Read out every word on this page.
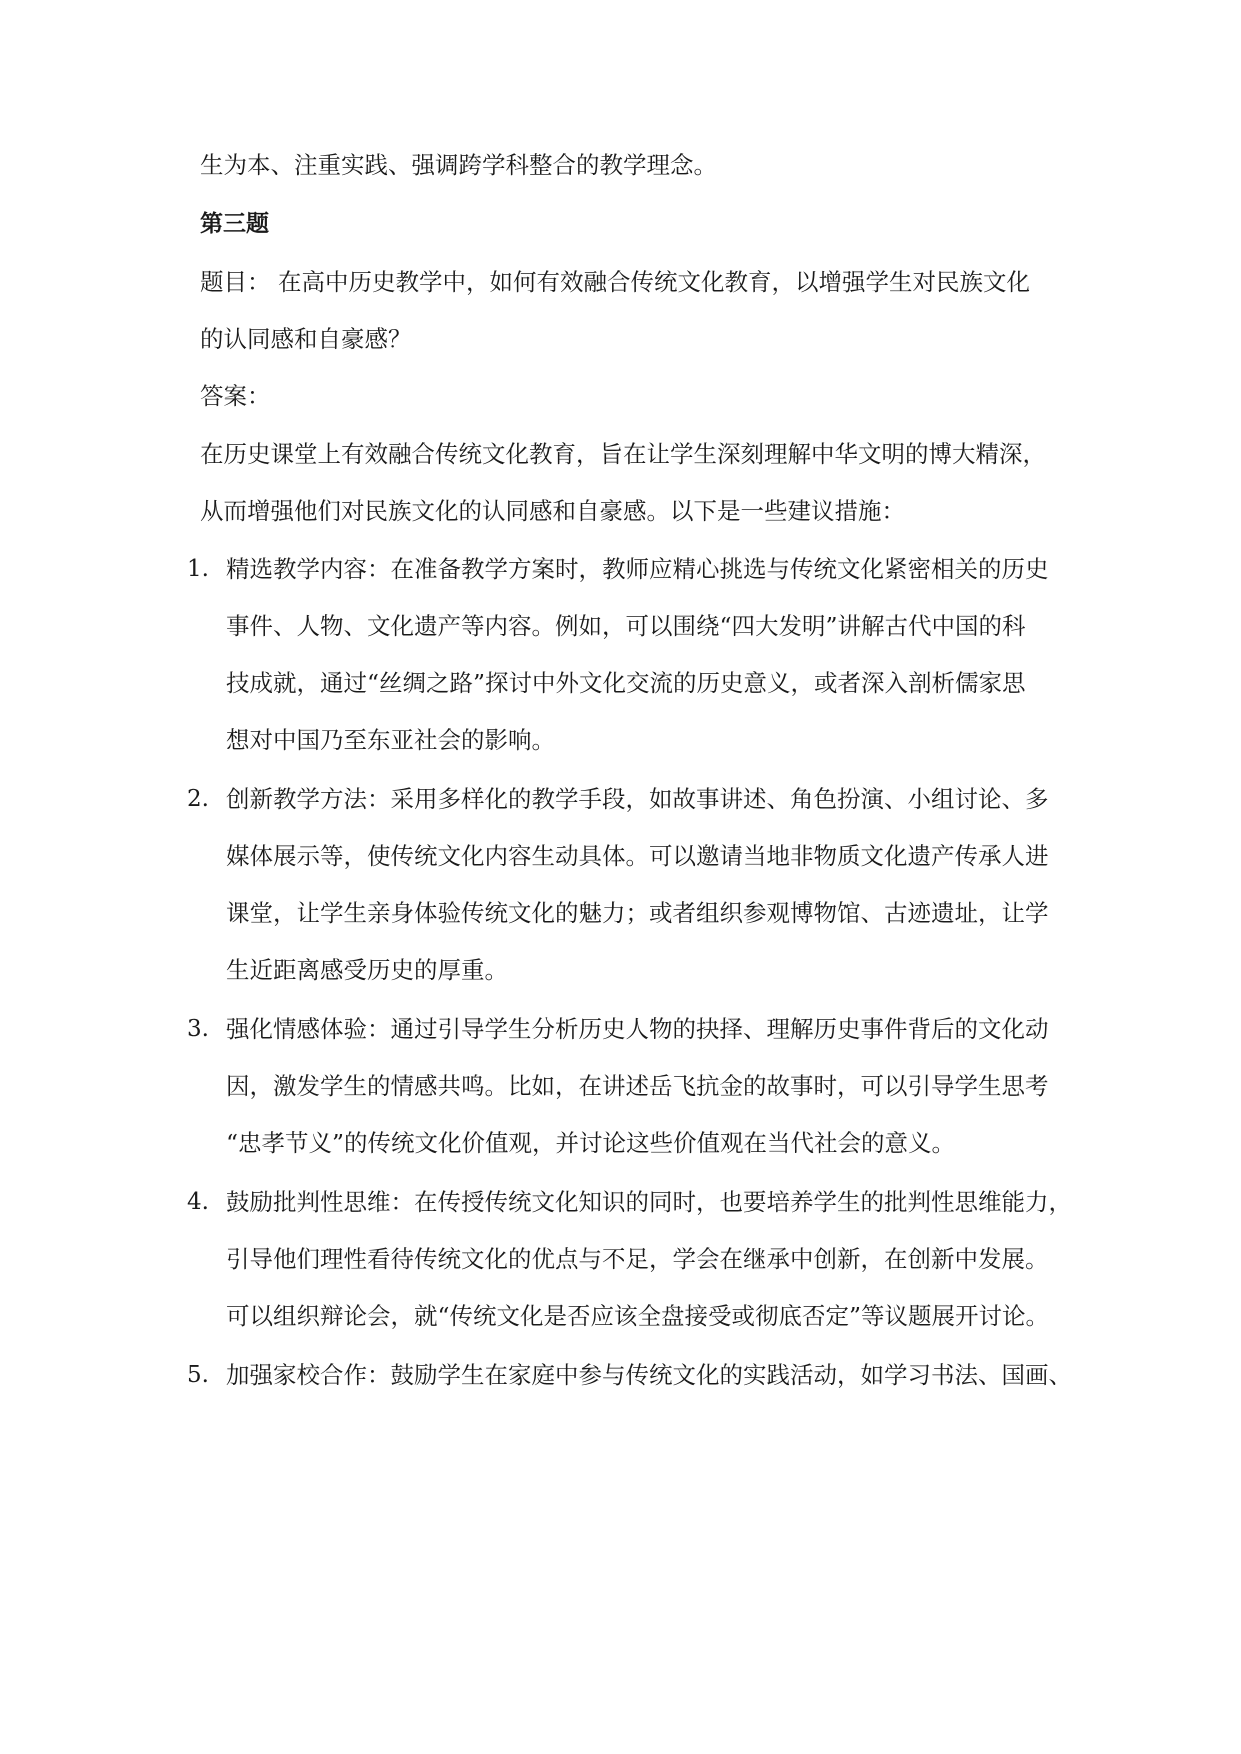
生为本、注重实践、强调跨学科整合的教学理念。
第三题
题目： 在高中历史教学中，如何有效融合传统文化教育，以增强学生对民族文化
的认同感和自豪感？
答案：
在历史课堂上有效融合传统文化教育，旨在让学生深刻理解中华文明的博大精深，
从而增强他们对民族文化的认同感和自豪感。以下是一些建议措施：
1. 精选教学内容：在准备教学方案时，教师应精心挑选与传统文化紧密相关的历史
事件、人物、文化遗产等内容。例如，可以围绕“四大发明”讲解古代中国的科
技成就，通过“丝绸之路”探讨中外文化交流的历史意义，或者深入剖析儒家思
想对中国乃至东亚社会的影响。
2. 创新教学方法：采用多样化的教学手段，如故事讲述、角色扮演、小组讨论、多
媒体展示等，使传统文化内容生动具体。可以邀请当地非物质文化遗产传承人进
课堂，让学生亲身体验传统文化的魅力；或者组织参观博物馆、古迹遗址，让学
生近距离感受历史的厚重。
3. 强化情感体验：通过引导学生分析历史人物的抉择、理解历史事件背后的文化动
因，激发学生的情感共鸣。比如，在讲述岳飞抗金的故事时，可以引导学生思考
“忠孝节义”的传统文化价值观，并讨论这些价值观在当代社会的意义。
4. 鼓励批判性思维：在传授传统文化知识的同时，也要培养学生的批判性思维能力，
引导他们理性看待传统文化的优点与不足，学会在继承中创新，在创新中发展。
可以组织辩论会，就“传统文化是否应该全盘接受或彻底否定”等议题展开讨论。
5. 加强家校合作：鼓励学生在家庭中参与传统文化的实践活动，如学习书法、国画、
